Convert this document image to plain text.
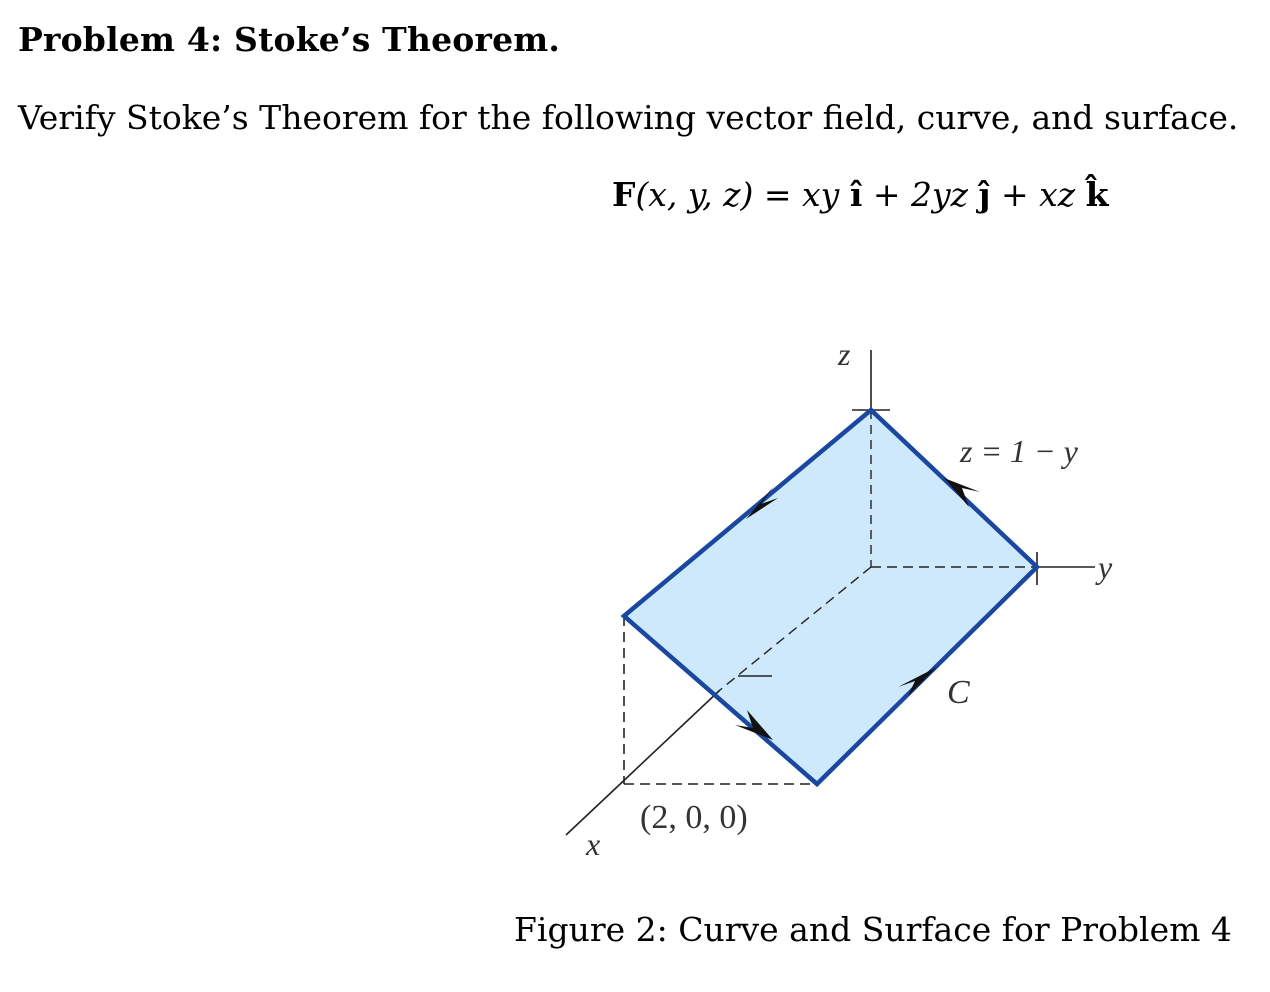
Problem 4: Stoke’s Theorem.
Verify Stoke’s Theorem for the following vector field, curve, and surface.
F(x, y, z) = xy î + 2yz ĵ + xz k̂
z
y
x
z = 1 − y
C
(2, 0, 0)
Figure 2: Curve and Surface for Problem 4
